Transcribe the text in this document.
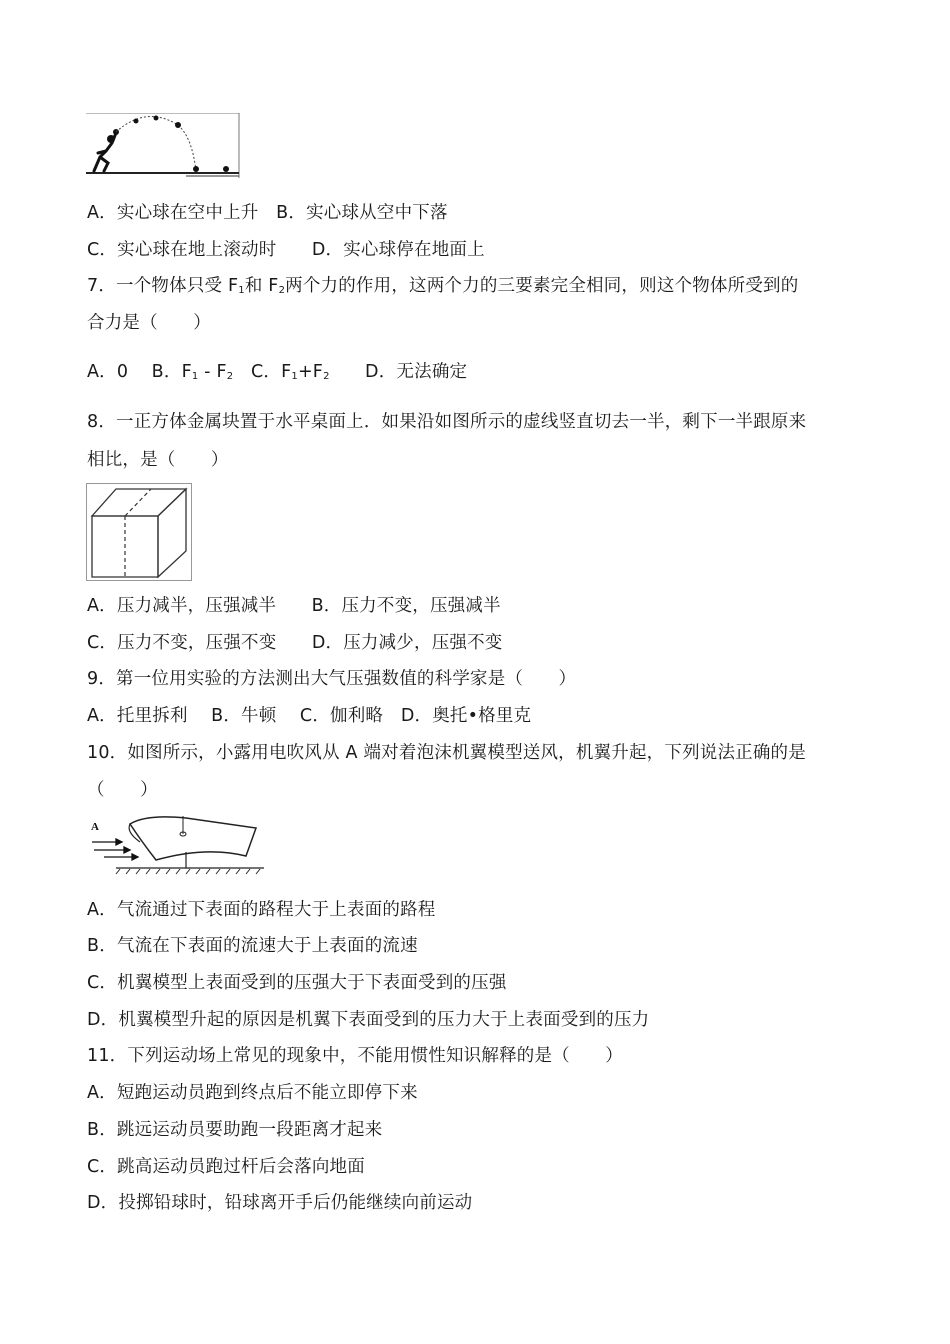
A．实心球在空中上升　B．实心球从空中下落
C．实心球在地上滚动时　　D．实心球停在地面上
7．一个物体只受 $F_1$和 $F_2$两个力的作用，这两个力的三要素完全相同，则这个物体所受到的
合力是（　　）
A．0　 B．$F_1 - F_2$　C．$F_1+F_2$　　D．无法确定
8．一正方体金属块置于水平桌面上．如果沿如图所示的虚线竖直切去一半，剩下一半跟原来
相比，是（　　）
A．压力减半，压强减半　　B．压力不变，压强减半
C．压力不变，压强不变　　D．压力减少，压强不变
9．第一位用实验的方法测出大气压强数值的科学家是（　　）
A．托里拆利　 B．牛顿　 C．伽利略　D．奥托•格里克
10．如图所示，小露用电吹风从 A 端对着泡沫机翼模型送风，机翼升起，下列说法正确的是
（　　）
A
A．气流通过下表面的路程大于上表面的路程
B．气流在下表面的流速大于上表面的流速
C．机翼模型上表面受到的压强大于下表面受到的压强
D．机翼模型升起的原因是机翼下表面受到的压力大于上表面受到的压力
11．下列运动场上常见的现象中，不能用惯性知识解释的是（　　）
A．短跑运动员跑到终点后不能立即停下来
B．跳远运动员要助跑一段距离才起来
C．跳高运动员跑过杆后会落向地面
D．投掷铅球时，铅球离开手后仍能继续向前运动
